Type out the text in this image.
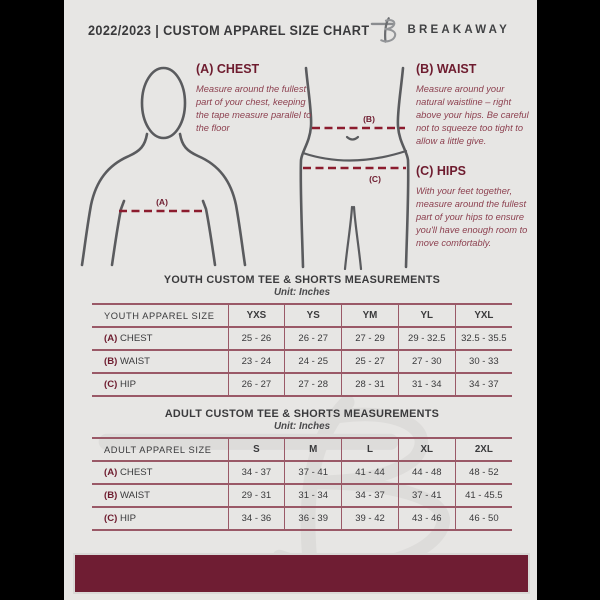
2022/2023 | CUSTOM APPAREL SIZE CHART	BREAKAWAY
(A)
(B)
(C)

(A) CHEST

Measure around the fullest part of your chest, keeping the tape measure parallel to the floor

(B) WAIST

Measure around your natural waistline – right above your hips. Be careful not to squeeze too tight to allow a little give.

(C) HIPS

With your feet together, measure around the fullest part of your hips to ensure you'll have enough room to move comfortably.

YOUTH CUSTOM TEE & SHORTS MEASUREMENTS

Unit: Inches

YOUTH APPAREL SIZE	YXS	YS	YM	YL	YXL
(A) CHEST	25 - 26	26 - 27	27 - 29	29 - 32.5	32.5 - 35.5
(B) WAIST	23 - 24	24 - 25	25 - 27	27 - 30	30 - 33
(C) HIP	26 - 27	27 - 28	28 - 31	31 - 34	34 - 37

ADULT CUSTOM TEE & SHORTS MEASUREMENTS

Unit: Inches

ADULT APPAREL SIZE	S	M	L	XL	2XL
(A) CHEST	34 - 37	37 - 41	41 - 44	44 - 48	48 - 52
(B) WAIST	29 - 31	31 - 34	34 - 37	37 - 41	41 - 45.5
(C) HIP	34 - 36	36 - 39	39 - 42	43 - 46	46 - 50
